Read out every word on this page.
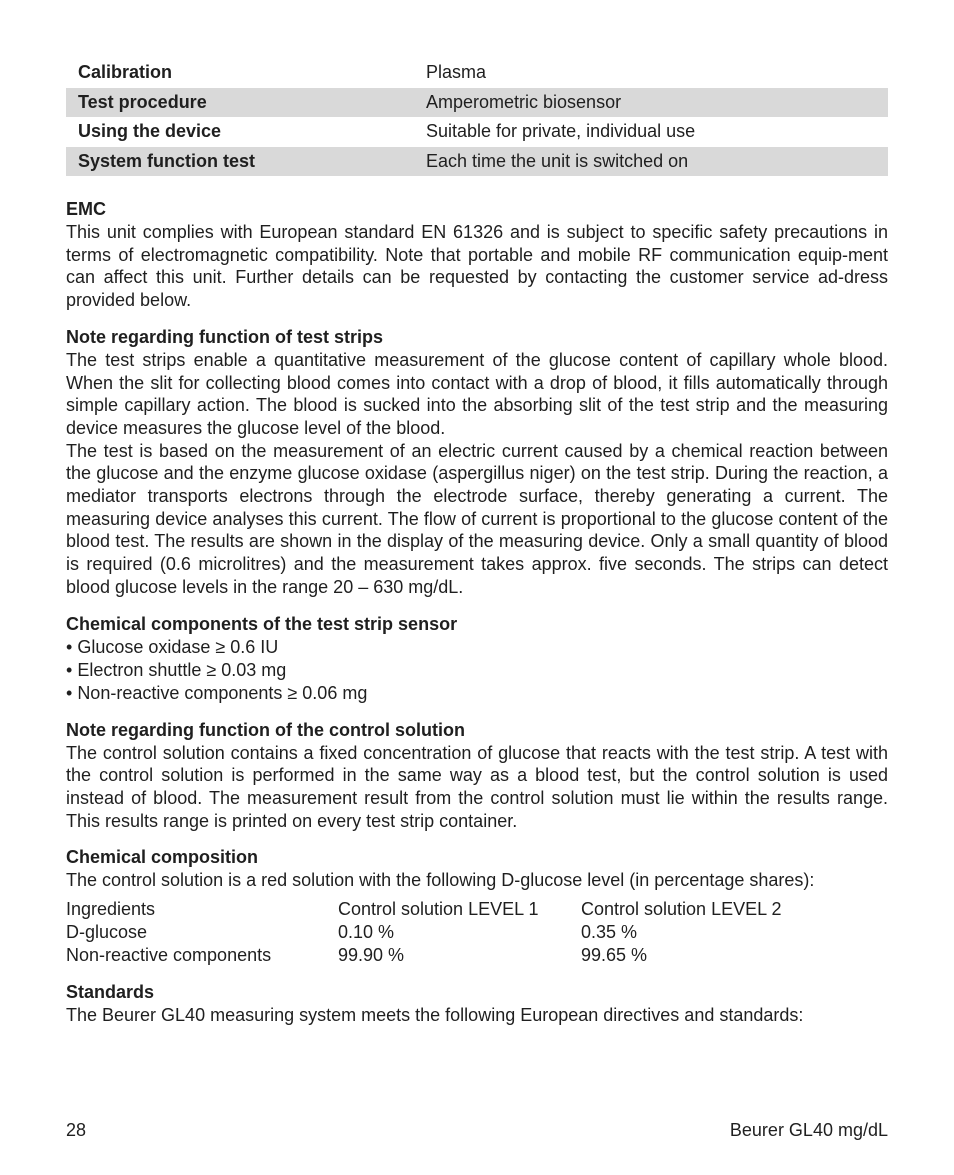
Calibration	Plasma
Test procedure	Amperometric biosensor
Using the device	Suitable for private, individual use
System function test	Each time the unit is switched on
EMC

This unit complies with European standard EN 61326 and is subject to specific safety precautions in terms of electromagnetic compatibility. Note that portable and mobile RF communication equip-ment can affect this unit. Further details can be requested by contacting the customer service ad-dress provided below.

Note regarding function of test strips

The test strips enable a quantitative measurement of the glucose content of capillary whole blood. When the slit for collecting blood comes into contact with a drop of blood, it fills automatically through simple capillary action. The blood is sucked into the absorbing slit of the test strip and the measuring device measures the glucose level of the blood.

The test is based on the measurement of an electric current caused by a chemical reaction between the glucose and the enzyme glucose oxidase (aspergillus niger) on the test strip. During the reaction, a mediator transports electrons through the electrode surface, thereby generating a current. The measuring device analyses this current. The flow of current is proportional to the glucose content of the blood test. The results are shown in the display of the measuring device. Only a small quantity of blood is required (0.6 microlitres) and the measurement takes approx. five seconds. The strips can detect blood glucose levels in the range 20 – 630 mg/dL.

Chemical components of the test strip sensor
• Glucose oxidase ≥ 0.6 IU
• Electron shuttle ≥ 0.03 mg
• Non-reactive components ≥ 0.06 mg
Note regarding function of the control solution

The control solution contains a fixed concentration of glucose that reacts with the test strip. A test with the control solution is performed in the same way as a blood test, but the control solution is used instead of blood. The measurement result from the control solution must lie within the results range. This results range is printed on every test strip container.

Chemical composition

The control solution is a red solution with the following D-glucose level (in percentage shares):

Ingredients	Control solution LEVEL 1	Control solution LEVEL 2
D-glucose	0.10 %	0.35 %
Non-reactive components	99.90 %	99.65 %
Standards

The Beurer GL40 measuring system meets the following European directives and standards:

28	Beurer GL40 mg/dL
